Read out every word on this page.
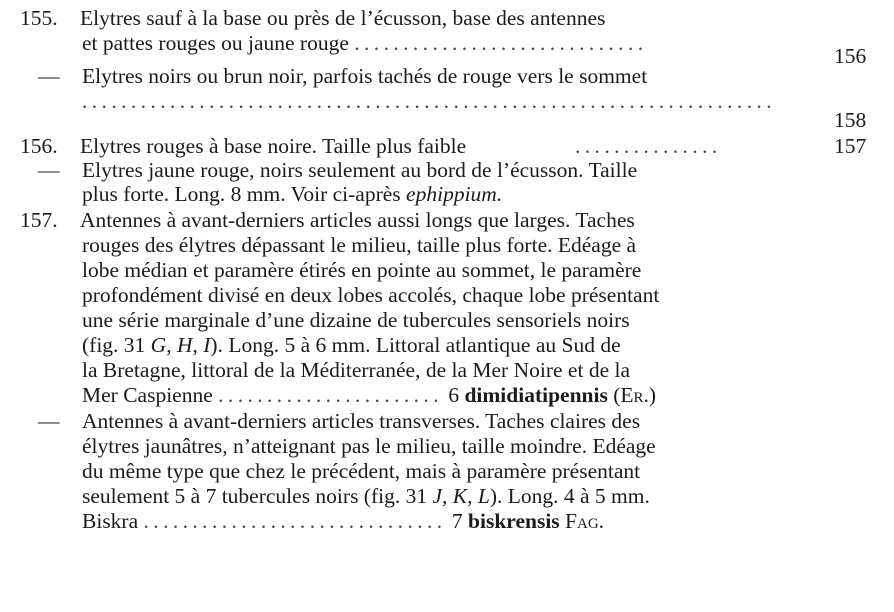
155. Elytres sauf à la base ou près de l’écusson, base des antennes
et pattes rouges ou jaune rouge ..............................
156
— Elytres noirs ou brun noir, parfois tachés de rouge vers le sommet
.......................................................................
158
156. Elytres rouges à base noire. Taille plus faible	...............	157
— Elytres jaune rouge, noirs seulement au bord de l’écusson. Taille
plus forte. Long. 8 mm. Voir ci-après ephippium.
157. Antennes à avant-derniers articles aussi longs que larges. Taches
rouges des élytres dépassant le milieu, taille plus forte. Edéage à
lobe médian et paramère étirés en pointe au sommet, le paramère
profondément divisé en deux lobes accolés, chaque lobe présentant
une série marginale d’une dizaine de tubercules sensoriels noirs
(fig. 31 G, H, I). Long. 5 à 6 mm. Littoral atlantique au Sud de
la Bretagne, littoral de la Méditerranée, de la Mer Noire et de la
Mer Caspienne ....................... 6 dimidiatipennis (Er.)
— Antennes à avant-derniers articles transverses. Taches claires des
élytres jaunâtres, n’atteignant pas le milieu, taille moindre. Edéage
du même type que chez le précédent, mais à paramère présentant
seulement 5 à 7 tubercules noirs (fig. 31 J, K, L). Long. 4 à 5 mm.
Biskra ............................... 7 biskrensis Fag.
